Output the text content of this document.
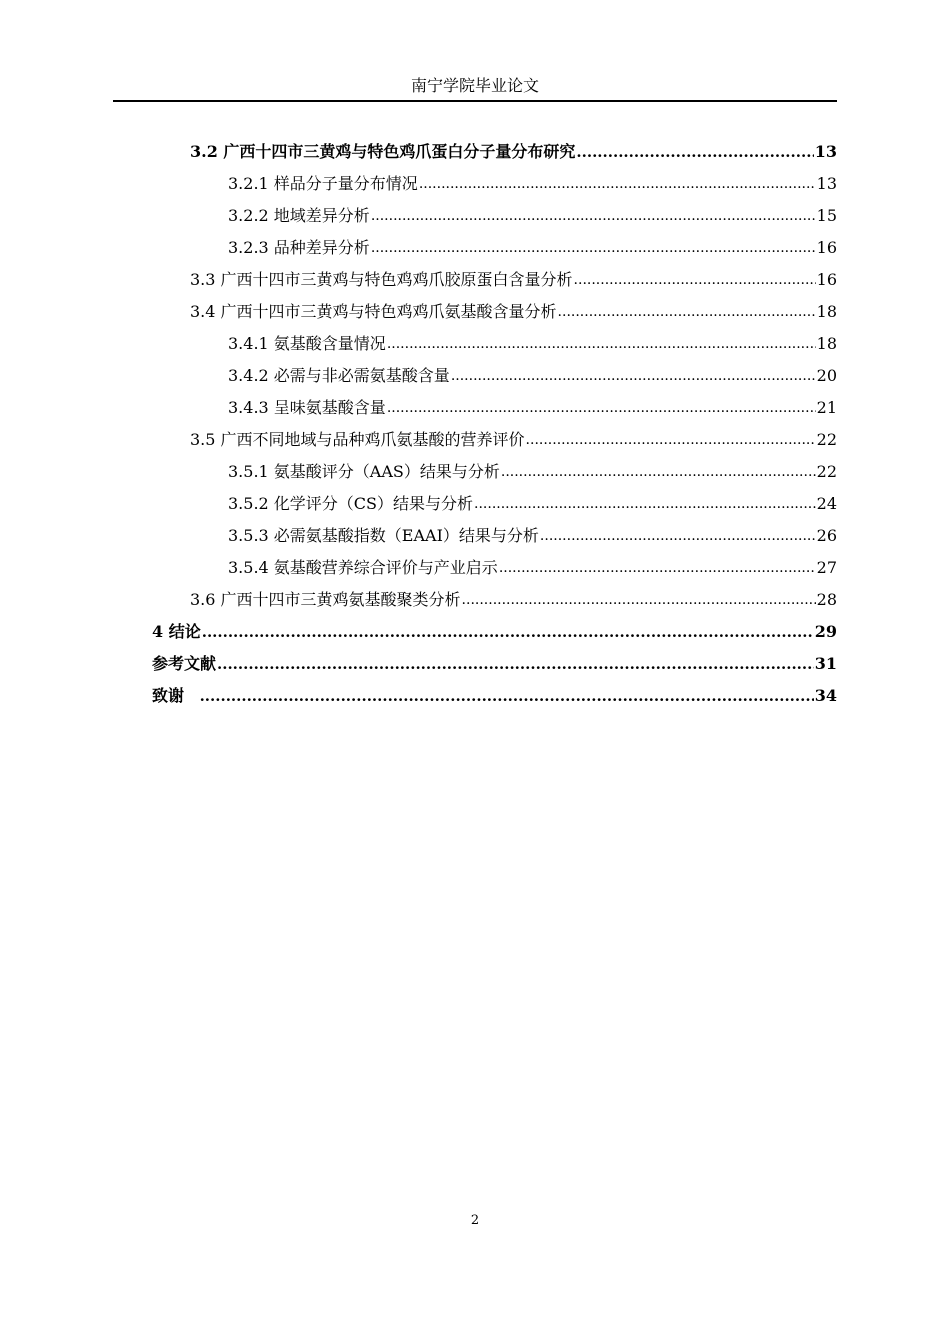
南宁学院毕业论文
3.2 广西十四市三黄鸡与特色鸡爪蛋白分子量分布研究 .....	13
3.2.1 样品分子量分布情况 .....	13
3.2.2 地域差异分析 .....	15
3.2.3 品种差异分析 .....	16
3.3 广西十四市三黄鸡与特色鸡鸡爪胶原蛋白含量分析 .....	16
3.4 广西十四市三黄鸡与特色鸡鸡爪氨基酸含量分析 .....	18
3.4.1 氨基酸含量情况 .....	18
3.4.2 必需与非必需氨基酸含量 .....	20
3.4.3 呈味氨基酸含量 .....	21
3.5 广西不同地域与品种鸡爪氨基酸的营养评价 .....	22
3.5.1 氨基酸评分（AAS）结果与分析 .....	22
3.5.2 化学评分（CS）结果与分析 .....	24
3.5.3 必需氨基酸指数（EAAI）结果与分析 .....	26
3.5.4 氨基酸营养综合评价与产业启示 .....	27
3.6 广西十四市三黄鸡氨基酸聚类分析 .....	28
4 结论 .....	29
参考文献 .....	31
致谢 .....	34
2
